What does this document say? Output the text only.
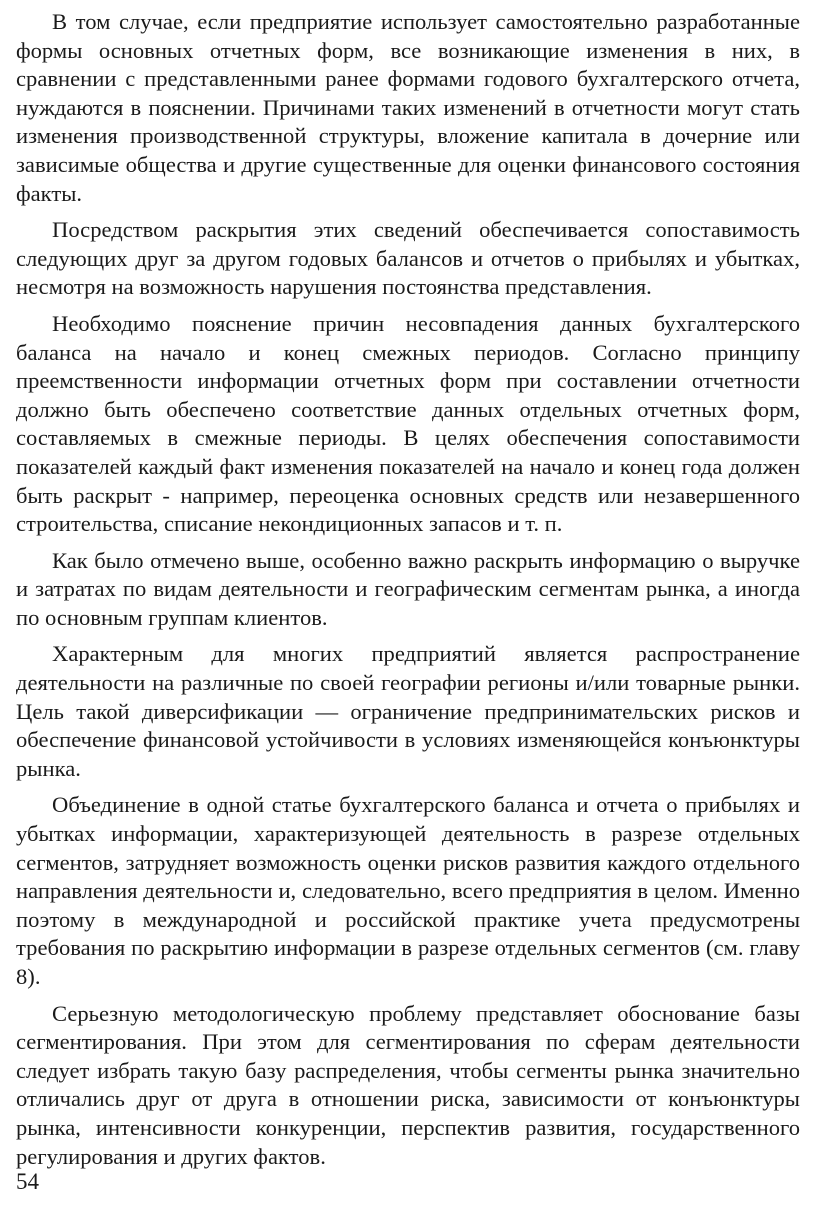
В том случае, если предприятие использует самостоятельно разработанные формы основных отчетных форм, все возникающие изменения в них, в сравнении с представленными ранее формами годового бухгалтерского отчета, нуждаются в пояснении. Причинами таких изменений в отчетности могут стать изменения производственной структуры, вложение капитала в дочерние или зависимые общества и другие существенные для оценки финансового состояния факты.

Посредством раскрытия этих сведений обеспечивается сопоставимость следующих друг за другом годовых балансов и отчетов о прибылях и убытках, несмотря на возможность нарушения постоянства представления.

Необходимо пояснение причин несовпадения данных бухгалтерского баланса на начало и конец смежных периодов. Согласно принципу преемственности информации отчетных форм при составлении отчетности должно быть обеспечено соответствие данных отдельных отчетных форм, составляемых в смежные периоды. В целях обеспечения сопоставимости показателей каждый факт изменения показателей на начало и конец года должен быть раскрыт - например, переоценка основных средств или незавершенного строительства, списание некондиционных запасов и т. п.

Как было отмечено выше, особенно важно раскрыть информацию о выручке и затратах по видам деятельности и географическим сегментам рынка, а иногда по основным группам клиентов.

Характерным для многих предприятий является распространение деятельности на различные по своей географии регионы и/или товарные рынки. Цель такой диверсификации — ограничение предпринимательских рисков и обеспечение финансовой устойчивости в условиях изменяющейся конъюнктуры рынка.

Объединение в одной статье бухгалтерского баланса и отчета о прибылях и убытках информации, характеризующей деятельность в разрезе отдельных сегментов, затрудняет возможность оценки рисков развития каждого отдельного направления деятельности и, следовательно, всего предприятия в целом. Именно поэтому в международной и российской практике учета предусмотрены требования по раскрытию информации в разрезе отдельных сегментов (см. главу 8).

Серьезную методологическую проблему представляет обоснование базы сегментирования. При этом для сегментирования по сферам деятельности следует избрать такую базу распределения, чтобы сегменты рынка значительно отличались друг от друга в отношении риска, зависимости от конъюнктуры рынка, интенсивности конкуренции, перспектив развития, государственного регулирования и других фактов.

54
